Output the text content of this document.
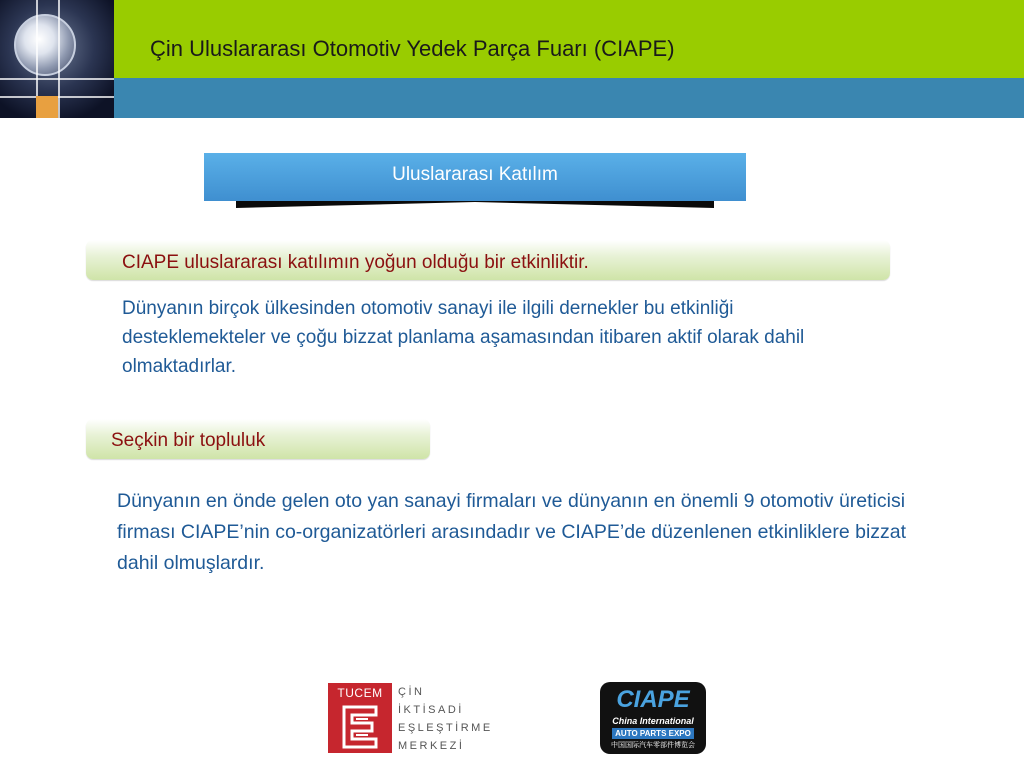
Çin Uluslararası Otomotiv Yedek Parça Fuarı (CIAPE)
Uluslararası Katılım
CIAPE uluslararası katılımın yoğun olduğu bir etkinliktir.
Dünyanın birçok ülkesinden otomotiv sanayi ile ilgili dernekler bu etkinliği desteklemekteler ve çoğu bizzat planlama aşamasından itibaren aktif olarak dahil olmaktadırlar.
Seçkin bir topluluk
Dünyanın en önde gelen oto yan sanayi firmaları ve dünyanın en önemli 9 otomotiv üreticisi firması CIAPE’nin co-organizatörleri arasındadır ve CIAPE’de düzenlenen etkinliklere bizzat dahil olmuşlardır.
TUCEM	ÇİN
İKTİSADİ
EŞLEŞTİRME
MERKEZİ
CIAPE
China International
AUTO PARTS EXPO
中国国际汽车零部件博览会
